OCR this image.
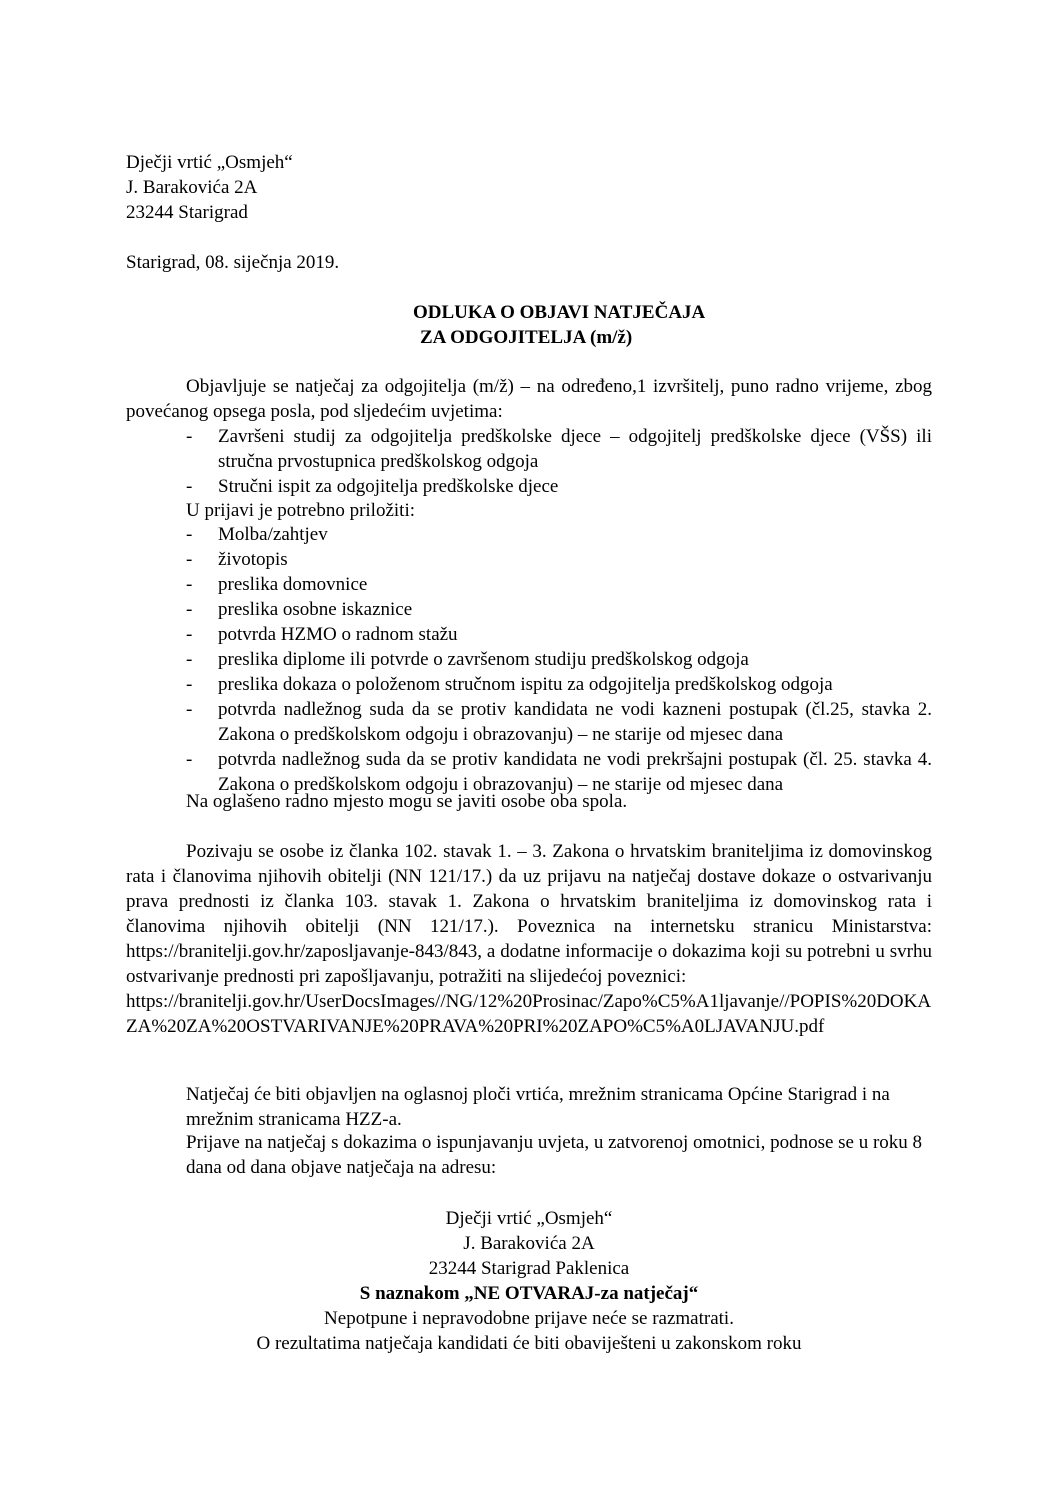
Dječji vrtić „Osmjeh“
J. Barakovića 2A
23244 Starigrad
Starigrad, 08. siječnja 2019.
ODLUKA O OBJAVI NATJEČAJA
ZA ODGOJITELJA (m/ž)
Objavljuje se natječaj za odgojitelja (m/ž) – na određeno,1 izvršitelj, puno radno vrijeme, zbog povećanog opsega posla, pod sljedećim uvjetima:
- Završeni studij za odgojitelja predškolske djece – odgojitelj predškolske djece (VŠS) ili stručna prvostupnica predškolskog odgoja
- Stručni ispit za odgojitelja predškolske djece
U prijavi je potrebno priložiti:
- Molba/zahtjev
- životopis
- preslika domovnice
- preslika osobne iskaznice
- potvrda HZMO o radnom stažu
- preslika diplome ili potvrde o završenom studiju predškolskog odgoja
- preslika dokaza o položenom stručnom ispitu za odgojitelja predškolskog odgoja
- potvrda nadležnog suda da se protiv kandidata ne vodi kazneni postupak (čl.25, stavka 2. Zakona o predškolskom odgoju i obrazovanju) – ne starije od mjesec dana
- potvrda nadležnog suda da se protiv kandidata ne vodi prekršajni postupak (čl. 25. stavka 4. Zakona o predškolskom odgoju i obrazovanju) – ne starije od mjesec dana
Na oglašeno radno mjesto mogu se javiti osobe oba spola.
Pozivaju se osobe iz članka 102. stavak 1. – 3. Zakona o hrvatskim braniteljima iz domovinskog rata i članovima njihovih obitelji (NN 121/17.) da uz prijavu na natječaj dostave dokaze o ostvarivanju prava prednosti iz članka 103. stavak 1. Zakona o hrvatskim braniteljima iz domovinskog rata i članovima njihovih obitelji (NN 121/17.). Poveznica na internetsku stranicu Ministarstva: https://branitelji.gov.hr/zaposljavanje-843/843, a dodatne informacije o dokazima koji su potrebni u svrhu ostvarivanje prednosti pri zapošljavanju, potražiti na slijedećoj poveznici:
https://branitelji.gov.hr/UserDocsImages//NG/12%20Prosinac/Zapo%C5%A1ljavanje//POPIS%20DOKAZA%20ZA%20OSTVARIVANJE%20PRAVA%20PRI%20ZAPO%C5%A0LJAVANJU.pdf
Natječaj će biti objavljen na oglasnoj ploči vrtića, mrežnim stranicama Općine Starigrad i na mrežnim stranicama HZZ-a.
Prijave na natječaj s dokazima o ispunjavanju uvjeta, u zatvorenoj omotnici, podnose se u roku 8 dana od dana objave natječaja na adresu:
Dječji vrtić „Osmjeh“
J. Barakovića 2A
23244 Starigrad Paklenica
S naznakom „NE OTVARAJ-za natječaj“
Nepotpune i nepravodobne prijave neće se razmatrati.
O rezultatima natječaja kandidati će biti obaviješteni u zakonskom roku
